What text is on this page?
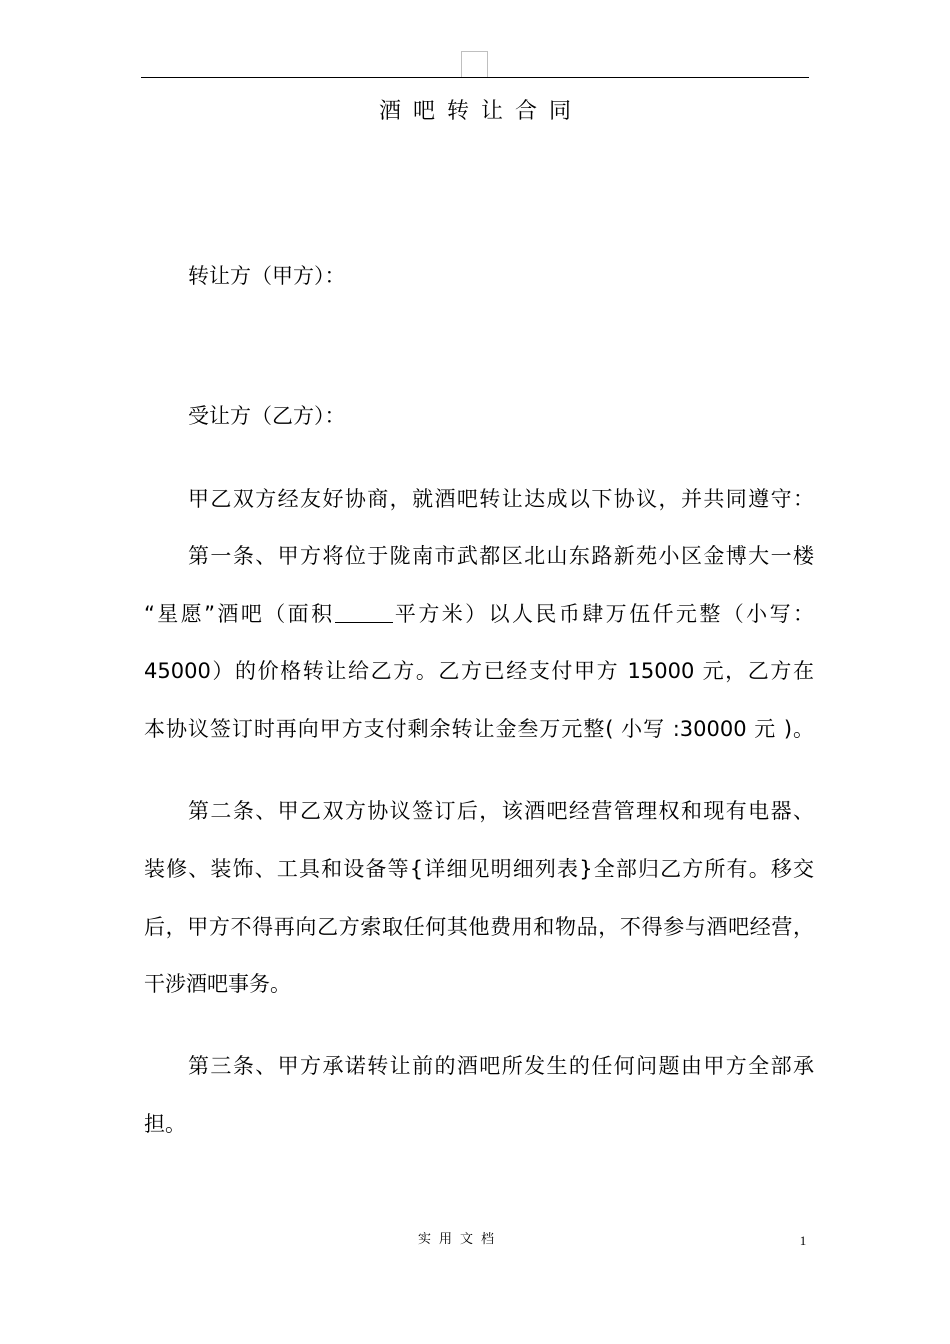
酒吧转让合同
转让方（甲方）：
受让方（乙方）：
甲乙双方经友好协商，就酒吧转让达成以下协议，并共同遵守：
第一条、甲方将位于陇南市武都区北山东路新苑小区金博大一楼
“星愿”酒吧（面积	平方米）以人民币肆万伍仟元整（小写：
45000）的价格转让给乙方。乙方已经支付甲方 15000 元，乙方在
本协议签订时再向甲方支付剩余转让金叁万元整( 小写 :30000 元 )。
第二条、甲乙双方协议签订后，该酒吧经营管理权和现有电器、
装修、装饰、工具和设备等{详细见明细列表}全部归乙方所有。移交
后，甲方不得再向乙方索取任何其他费用和物品，不得参与酒吧经营，
干涉酒吧事务。
第三条、甲方承诺转让前的酒吧所发生的任何问题由甲方全部承
担。
实用文档	1
